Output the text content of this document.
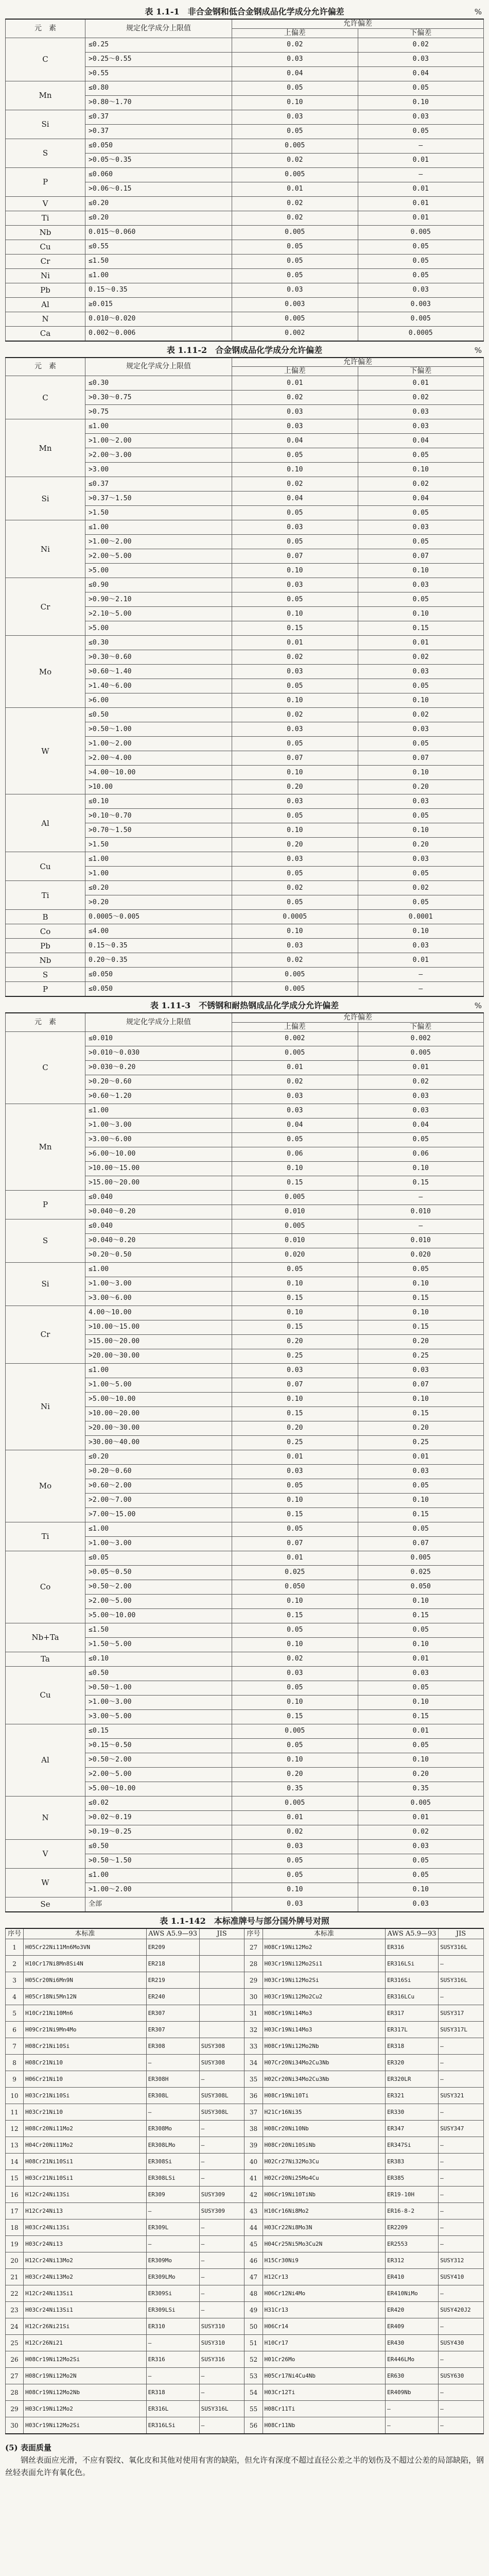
表 1.1-1　非合金钢和低合金钢成品化学成分允许偏差	%
元　素	规定化学成分上限值	允许偏差	
		上偏差	下偏差
C	≤0.25	0.02	0.02
	>0.25～0.55	0.03	0.03
	>0.55	0.04	0.04
Mn	≤0.80	0.05	0.05
	>0.80～1.70	0.10	0.10
Si	≤0.37	0.03	0.03
	>0.37	0.05	0.05
S	≤0.050	0.005	—
	>0.05～0.35	0.02	0.01
P	≤0.060	0.005	—
	>0.06～0.15	0.01	0.01
V	≤0.20	0.02	0.01
Ti	≤0.20	0.02	0.01
Nb	0.015～0.060	0.005	0.005
Cu	≤0.55	0.05	0.05
Cr	≤1.50	0.05	0.05
Ni	≤1.00	0.05	0.05
Pb	0.15～0.35	0.03	0.03
Al	≥0.015	0.003	0.003
N	0.010～0.020	0.005	0.005
Ca	0.002～0.006	0.002	0.0005
表 1.11-2　合金钢成品化学成分允许偏差	%
元　素	规定化学成分上限值	允许偏差	
		上偏差	下偏差
C	≤0.30	0.01	0.01
	>0.30～0.75	0.02	0.02
	>0.75	0.03	0.03
Mn	≤1.00	0.03	0.03
	>1.00～2.00	0.04	0.04
	>2.00～3.00	0.05	0.05
	>3.00	0.10	0.10
Si	≤0.37	0.02	0.02
	>0.37～1.50	0.04	0.04
	>1.50	0.05	0.05
Ni	≤1.00	0.03	0.03
	>1.00～2.00	0.05	0.05
	>2.00～5.00	0.07	0.07
	>5.00	0.10	0.10
Cr	≤0.90	0.03	0.03
	>0.90～2.10	0.05	0.05
	>2.10～5.00	0.10	0.10
	>5.00	0.15	0.15
Mo	≤0.30	0.01	0.01
	>0.30～0.60	0.02	0.02
	>0.60～1.40	0.03	0.03
	>1.40～6.00	0.05	0.05
	>6.00	0.10	0.10
W	≤0.50	0.02	0.02
	>0.50～1.00	0.03	0.03
	>1.00～2.00	0.05	0.05
	>2.00～4.00	0.07	0.07
	>4.00～10.00	0.10	0.10
	>10.00	0.20	0.20
Al	≤0.10	0.03	0.03
	>0.10～0.70	0.05	0.05
	>0.70～1.50	0.10	0.10
	>1.50	0.20	0.20
Cu	≤1.00	0.03	0.03
	>1.00	0.05	0.05
Ti	≤0.20	0.02	0.02
	>0.20	0.05	0.05
B	0.0005～0.005	0.0005	0.0001
Co	≤4.00	0.10	0.10
Pb	0.15～0.35	0.03	0.03
Nb	0.20～0.35	0.02	0.01
S	≤0.050	0.005	—
P	≤0.050	0.005	—
表 1.11-3　不锈钢和耐热钢成品化学成分允许偏差	%
元　素	规定化学成分上限值	允许偏差	
		上偏差	下偏差
C	≤0.010	0.002	0.002
	>0.010～0.030	0.005	0.005
	>0.030～0.20	0.01	0.01
	>0.20～0.60	0.02	0.02
	>0.60～1.20	0.03	0.03
Mn	≤1.00	0.03	0.03
	>1.00～3.00	0.04	0.04
	>3.00～6.00	0.05	0.05
	>6.00～10.00	0.06	0.06
	>10.00～15.00	0.10	0.10
	>15.00～20.00	0.15	0.15
P	≤0.040	0.005	—
	>0.040～0.20	0.010	0.010
S	≤0.040	0.005	—
	>0.040～0.20	0.010	0.010
	>0.20～0.50	0.020	0.020
Si	≤1.00	0.05	0.05
	>1.00～3.00	0.10	0.10
	>3.00～6.00	0.15	0.15
Cr	4.00～10.00	0.10	0.10
	>10.00～15.00	0.15	0.15
	>15.00～20.00	0.20	0.20
	>20.00～30.00	0.25	0.25
Ni	≤1.00	0.03	0.03
	>1.00～5.00	0.07	0.07
	>5.00～10.00	0.10	0.10
	>10.00～20.00	0.15	0.15
	>20.00～30.00	0.20	0.20
	>30.00～40.00	0.25	0.25
Mo	≤0.20	0.01	0.01
	>0.20～0.60	0.03	0.03
	>0.60～2.00	0.05	0.05
	>2.00～7.00	0.10	0.10
	>7.00～15.00	0.15	0.15
Ti	≤1.00	0.05	0.05
	>1.00～3.00	0.07	0.07
Co	≤0.05	0.01	0.005
	>0.05～0.50	0.025	0.025
	>0.50～2.00	0.050	0.050
	>2.00～5.00	0.10	0.10
	>5.00～10.00	0.15	0.15
Nb+Ta	≤1.50	0.05	0.05
	>1.50～5.00	0.10	0.10
Ta	≤0.10	0.02	0.01
Cu	≤0.50	0.03	0.03
	>0.50～1.00	0.05	0.05
	>1.00～3.00	0.10	0.10
	>3.00～5.00	0.15	0.15
Al	≤0.15	0.005	0.01
	>0.15～0.50	0.05	0.05
	>0.50～2.00	0.10	0.10
	>2.00～5.00	0.20	0.20
	>5.00～10.00	0.35	0.35
N	≤0.02	0.005	0.005
	>0.02～0.19	0.01	0.01
	>0.19～0.25	0.02	0.02
V	≤0.50	0.03	0.03
	>0.50～1.50	0.05	0.05
W	≤1.00	0.05	0.05
	>1.00～2.00	0.10	0.10
Se	全部	0.03	0.03
表 1.1-142　本标准牌号与部分国外牌号对照
序号	本标准	AWS A5.9—93	JIS	序号	本标准	AWS A5.9—93	JIS
1	H05Cr22Ni11Mn6Mo3VN	ER209		27	H08Cr19Ni12Mo2	ER316	SUSY316L
2	H10Cr17Ni8Mn8Si4N	ER218		28	H03Cr19Ni12Mo2Si1	ER316LSi	—
3	H05Cr20Ni6Mn9N	ER219		29	H03Cr19Ni12Mo2Si	ER316Si	SUSY316L
4	H05Cr18Ni5Mn12N	ER240		30	H03Cr19Ni12Mo2Cu2	ER316LCu	—
5	H10Cr21Ni10Mn6	ER307		31	H08Cr19Ni14Mo3	ER317	SUSY317
6	H09Cr21Ni9Mn4Mo	ER307		32	H03Cr19Ni14Mo3	ER317L	SUSY317L
7	H08Cr21Ni10Si	ER308	SUSY308	33	H08Cr19Ni12Mo2Nb	ER318	—
8	H08Cr21Ni10	—	SUSY308	34	H07Cr20Ni34Mo2Cu3Nb	ER320	—
9	H06Cr21Ni10	ER308H	—	35	H02Cr20Ni34Mo2Cu3Nb	ER320LR	—
10	H03Cr21Ni10Si	ER308L	SUSY308L	36	H08Cr19Ni10Ti	ER321	SUSY321
11	H03Cr21Ni10	—	SUSY308L	37	H21Cr16Ni35	ER330	—
12	H08Cr20Ni11Mo2	ER308Mo	—	38	H08Cr20Ni10Nb	ER347	SUSY347
13	H04Cr20Ni11Mo2	ER308LMo	—	39	H08Cr20Ni10SiNb	ER347Si	—
14	H08Cr21Ni10Si1	ER308Si	—	40	H02Cr27Ni32Mo3Cu	ER383	—
15	H03Cr21Ni10Si1	ER308LSi	—	41	H02Cr20Ni25Mo4Cu	ER385	—
16	H12Cr24Ni13Si	ER309	SUSY309	42	H06Cr19Ni10TiNb	ER19-10H	—
17	H12Cr24Ni13	—	SUSY309	43	H10Cr16Ni8Mo2	ER16-8-2	—
18	H03Cr24Ni13Si	ER309L	—	44	H03Cr22Ni8Mo3N	ER2209	—
19	H03Cr24Ni13	—	—	45	H04Cr25Ni5Mo3Cu2N	ER2553	—
20	H12Cr24Ni13Mo2	ER309Mo	—	46	H15Cr30Ni9	ER312	SUSY312
21	H03Cr24Ni13Mo2	ER309LMo	—	47	H12Cr13	ER410	SUSY410
22	H12Cr24Ni13Si1	ER309Si	—	48	H06Cr12Ni4Mo	ER410NiMo	—
23	H03Cr24Ni13Si1	ER309LSi	—	49	H31Cr13	ER420	SUSY420J2
24	H12Cr26Ni21Si	ER310	SUSY310	50	H06Cr14	ER409	—
25	H12Cr26Ni21	—	SUSY310	51	H10Cr17	ER430	SUSY430
26	H08Cr19Ni12Mo2Si	ER316	SUSY316	52	H01Cr26Mo	ER446LMo	—
27	H08Cr19Ni12Mo2N	—	—	53	H05Cr17Ni4Cu4Nb	ER630	SUSY630
28	H08Cr19Ni12Mo2Nb	ER318	—	54	H03Cr12Ti	ER409Nb	—
29	H03Cr19Ni12Mo2	ER316L	SUSY316L	55	H08Cr11Ti	—	—
30	H03Cr19Ni12Mo2Si	ER316LSi	—	56	H08Cr11Nb	—	—

(5) 表面质量

钢丝表面应光滑，不应有裂纹、氧化皮和其他对使用有害的缺陷，但允许有深度不超过直径公差之半的划伤及不超过公差的局部缺陷，钢丝轻表面允许有氧化色。
